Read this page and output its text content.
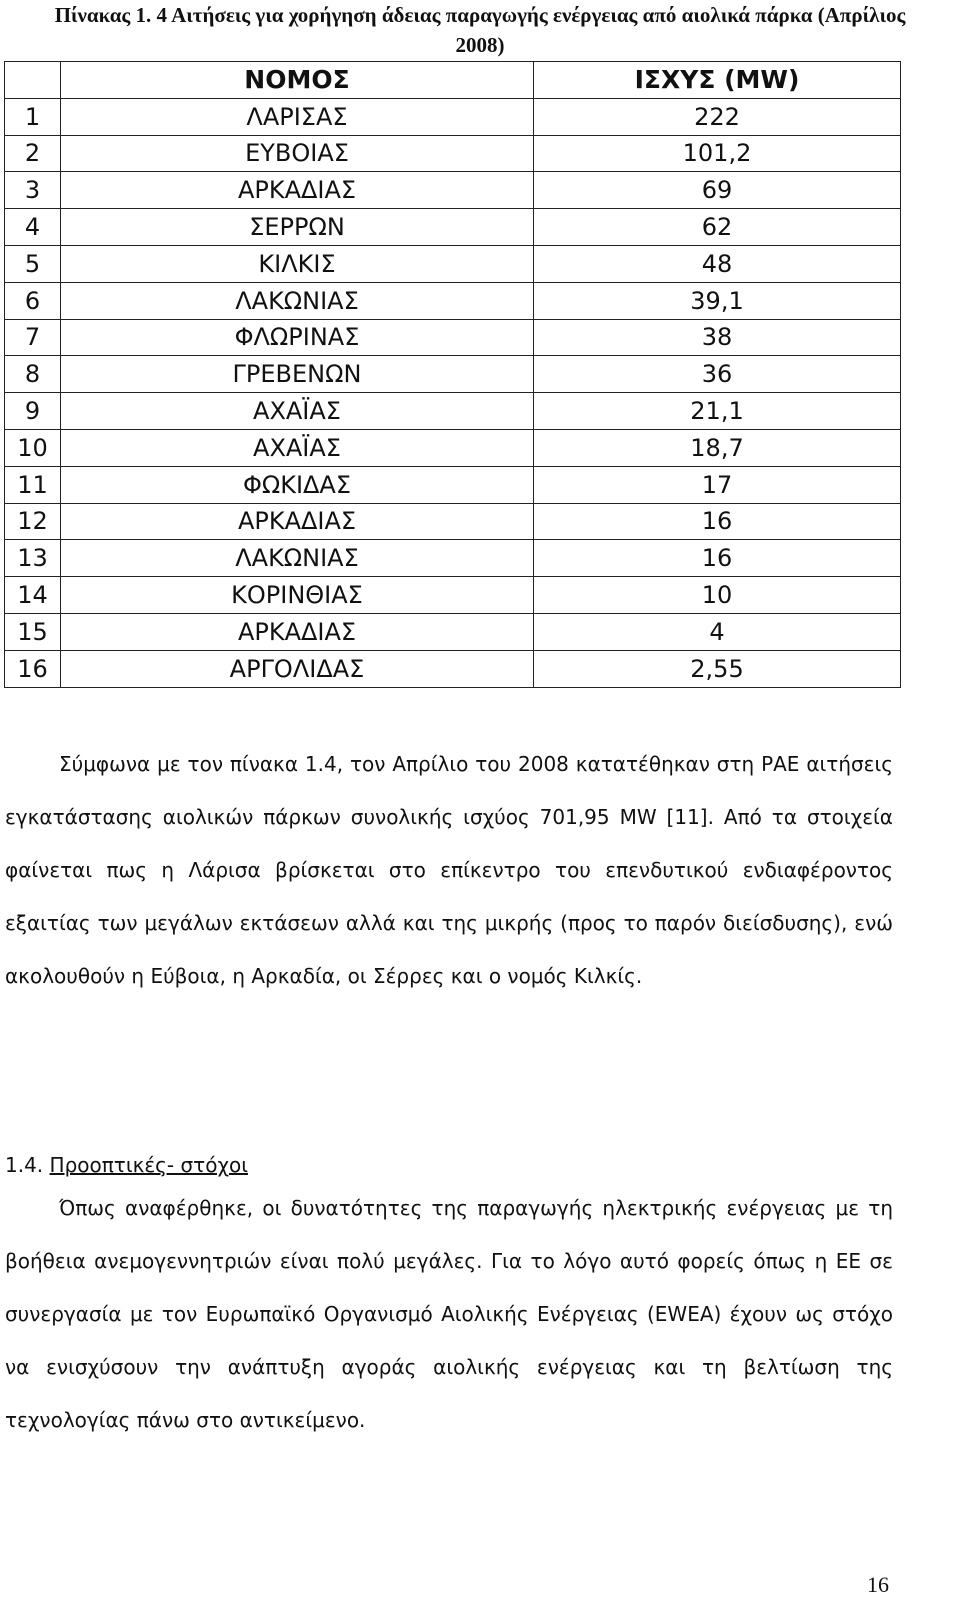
Πίνακας 1. 4 Αιτήσεις για χορήγηση άδειας παραγωγής ενέργειας από αιολικά πάρκα (Απρίλιος
2008)
	ΝΟΜΟΣ	ΙΣΧΥΣ (MW)
1	ΛΑΡΙΣΑΣ	222
2	ΕΥΒΟΙΑΣ	101,2
3	ΑΡΚΑΔΙΑΣ	69
4	ΣΕΡΡΩΝ	62
5	ΚΙΛΚΙΣ	48
6	ΛΑΚΩΝΙΑΣ	39,1
7	ΦΛΩΡΙΝΑΣ	38
8	ΓΡΕΒΕΝΩΝ	36
9	ΑΧΑΪΑΣ	21,1
10	ΑΧΑΪΑΣ	18,7
11	ΦΩΚΙΔΑΣ	17
12	ΑΡΚΑΔΙΑΣ	16
13	ΛΑΚΩΝΙΑΣ	16
14	ΚΟΡΙΝΘΙΑΣ	10
15	ΑΡΚΑΔΙΑΣ	4
16	ΑΡΓΟΛΙΔΑΣ	2,55
Σύμφωνα με τον πίνακα 1.4, τον Απρίλιο του 2008 κατατέθηκαν στη ΡΑΕ αιτήσεις εγκατάστασης αιολικών πάρκων συνολικής ισχύος 701,95 MW [11]. Από τα στοιχεία φαίνεται πως η Λάρισα βρίσκεται στο επίκεντρο του επενδυτικού ενδιαφέροντος εξαιτίας των μεγάλων εκτάσεων αλλά και της μικρής (προς το παρόν διείσδυσης), ενώ ακολουθούν η Εύβοια, η Αρκαδία, οι Σέρρες και ο νομός Κιλκίς.
1.4. Προοπτικές- στόχοι
Όπως αναφέρθηκε, οι δυνατότητες της παραγωγής ηλεκτρικής ενέργειας με τη βοήθεια ανεμογεννητριών είναι πολύ μεγάλες. Για το λόγο αυτό φορείς όπως η ΕΕ σε συνεργασία με τον Ευρωπαϊκό Οργανισμό Αιολικής Ενέργειας (EWEA) έχουν ως στόχο να ενισχύσουν την ανάπτυξη αγοράς αιολικής ενέργειας και τη βελτίωση της τεχνολογίας πάνω στο αντικείμενο.
16
